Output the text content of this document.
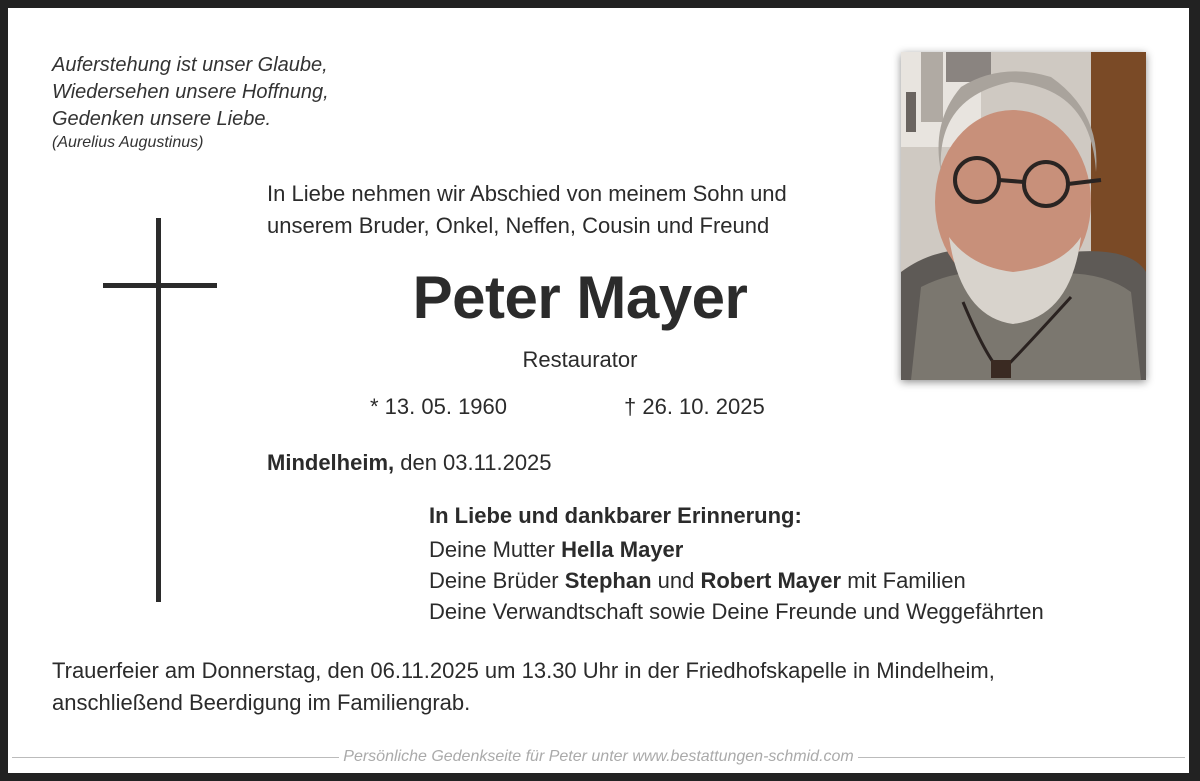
Auferstehung ist unser Glaube,
Wiedersehen unsere Hoffnung,
Gedenken unsere Liebe.
(Aurelius Augustinus)
In Liebe nehmen wir Abschied von meinem Sohn und
unserem Bruder, Onkel, Neffen, Cousin und Freund
Peter Mayer
Restaurator
* 13. 05. 1960	† 26. 10. 2025
Mindelheim, den 03.11.2025
In Liebe und dankbarer Erinnerung:
Deine Mutter Hella Mayer
Deine Brüder Stephan und Robert Mayer mit Familien
Deine Verwandtschaft sowie Deine Freunde und Weggefährten
Trauerfeier am Donnerstag, den 06.11.2025 um 13.30 Uhr in der Friedhofskapelle in Mindelheim,
anschließend Beerdigung im Familiengrab.
Persönliche Gedenkseite für Peter unter www.bestattungen-schmid.com
